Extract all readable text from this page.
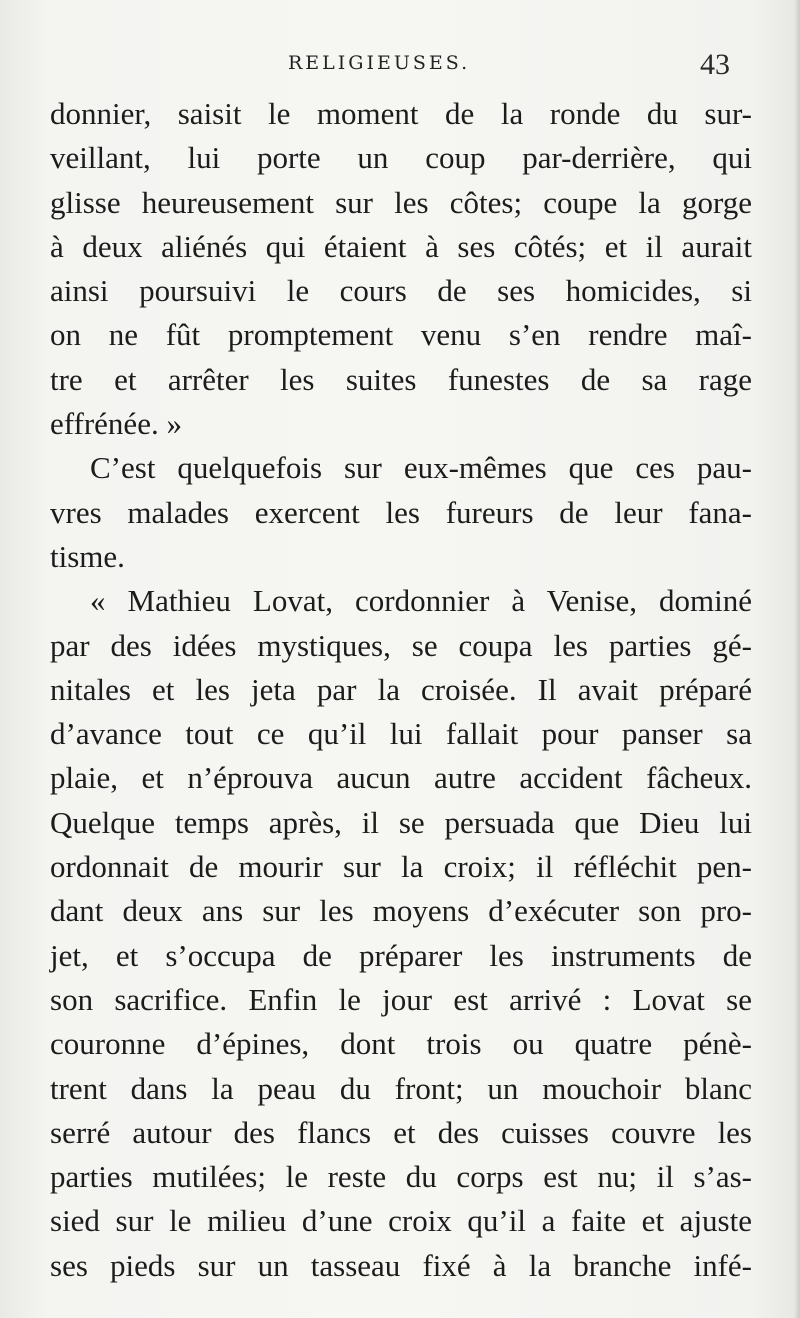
RELIGIEUSES.	43
donnier, saisit le moment de la ronde du sur-
veillant, lui porte un coup par-derrière, qui
glisse heureusement sur les côtes; coupe la gorge
à deux aliénés qui étaient à ses côtés; et il aurait
ainsi poursuivi le cours de ses homicides, si
on ne fût promptement venu s’en rendre maî-
tre et arrêter les suites funestes de sa rage
effrénée. »
C’est quelquefois sur eux-mêmes que ces pau-
vres malades exercent les fureurs de leur fana-
tisme.
« Mathieu Lovat, cordonnier à Venise, dominé
par des idées mystiques, se coupa les parties gé-
nitales et les jeta par la croisée. Il avait préparé
d’avance tout ce qu’il lui fallait pour panser sa
plaie, et n’éprouva aucun autre accident fâcheux.
Quelque temps après, il se persuada que Dieu lui
ordonnait de mourir sur la croix; il réfléchit pen-
dant deux ans sur les moyens d’exécuter son pro-
jet, et s’occupa de préparer les instruments de
son sacrifice. Enfin le jour est arrivé : Lovat se
couronne d’épines, dont trois ou quatre pénè-
trent dans la peau du front; un mouchoir blanc
serré autour des flancs et des cuisses couvre les
parties mutilées; le reste du corps est nu; il s’as-
sied sur le milieu d’une croix qu’il a faite et ajuste
ses pieds sur un tasseau fixé à la branche infé-
